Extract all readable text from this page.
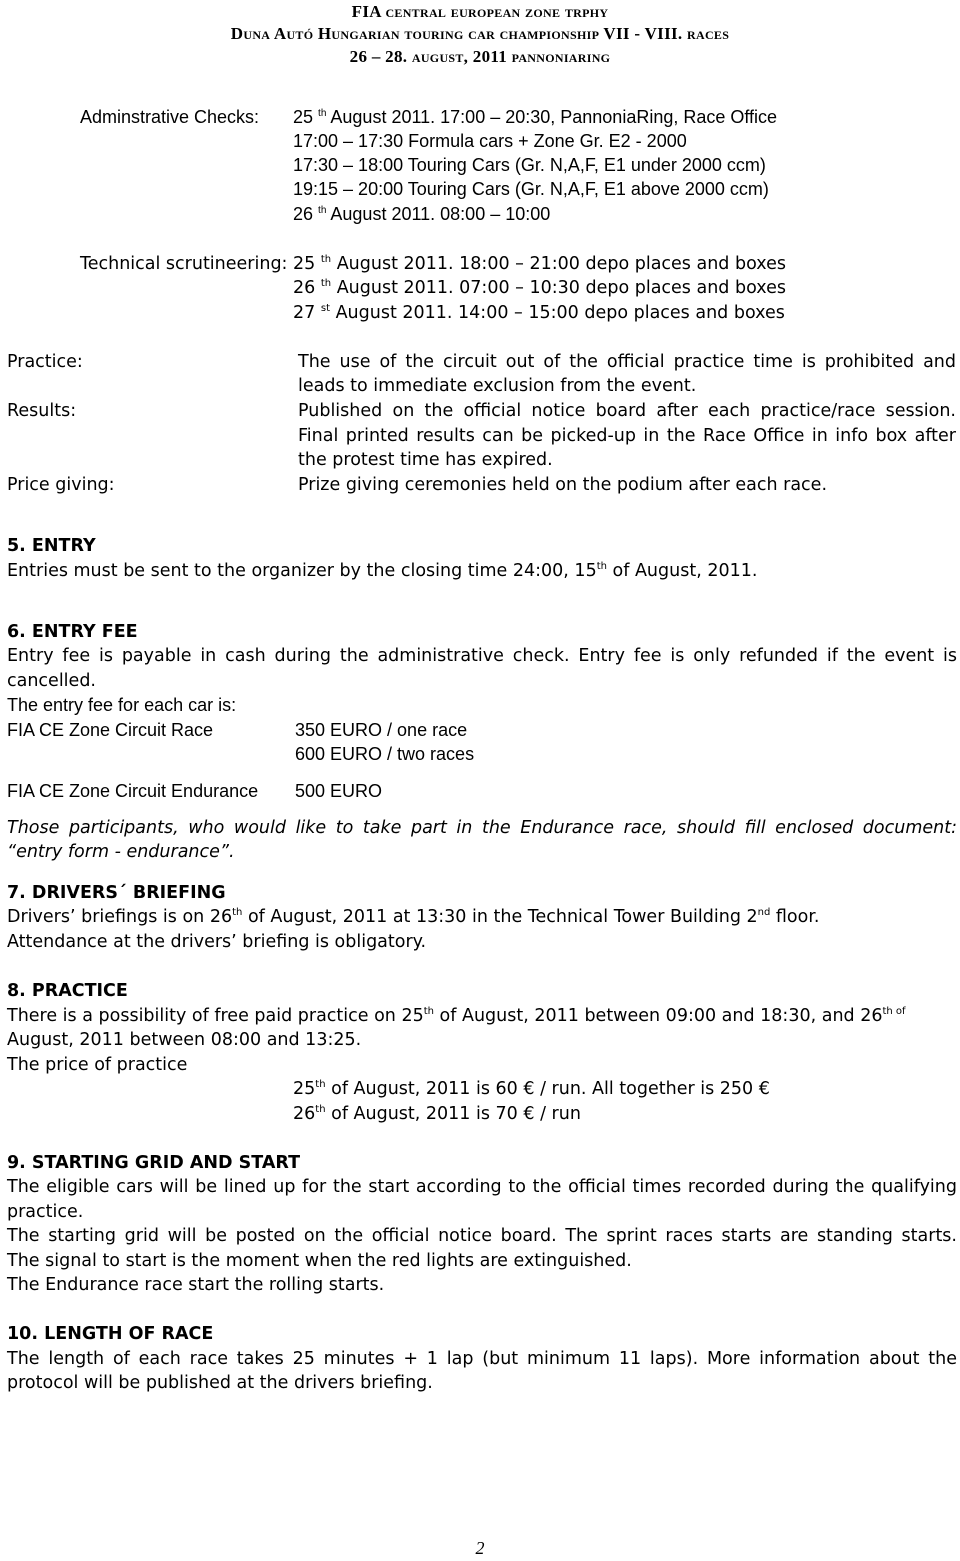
FIA central european zone trphy
Duna Autó Hungarian touring car championship VII - VIII. races
26 – 28. august, 2011 pannoniaring
Adminstrative Checks: 25 $^{th}$ August 2011. 17:00 – 20:30, PannoniaRing, Race Office
17:00 – 17:30 Formula cars + Zone Gr. E2 - 2000
17:30 – 18:00 Touring Cars (Gr. N,A,F, E1 under 2000 ccm)
19:15 – 20:00 Touring Cars (Gr. N,A,F, E1 above 2000 ccm)
26 $^{th}$ August 2011. 08:00 – 10:00
Technical scrutineering: 25 $^{th}$ August 2011. 18:00 – 21:00 depo places and boxes
26 $^{th}$ August 2011. 07:00 – 10:30 depo places and boxes
27 $^{st}$ August 2011. 14:00 – 15:00 depo places and boxes
Practice:	The use of the circuit out of the official practice time is prohibited and
leads to immediate exclusion from the event.
Results:	Published on the official notice board after each practice/race session.
Final printed results can be picked-up in the Race Office in info box after
the protest time has expired.
Price giving:	Prize giving ceremonies held on the podium after each race.
5. ENTRY
Entries must be sent to the organizer by the closing time 24:00, 15th of August, 2011.
6. ENTRY FEE
Entry fee is payable in cash during the administrative check. Entry fee is only refunded if the event is
cancelled.
The entry fee for each car is:
FIA CE Zone Circuit Race	350 EURO / one race
600 EURO / two races
FIA CE Zone Circuit Endurance 500 EURO
Those participants, who would like to take part in the Endurance race, should fill enclosed document:
“entry form - endurance”.
7. DRIVERS´ BRIEFING
Drivers’ briefings is on 26th of August, 2011 at 13:30 in the Technical Tower Building 2nd floor.
Attendance at the drivers’ briefing is obligatory.
8. PRACTICE
There is a possibility of free paid practice on 25th of August, 2011 between 09:00 and 18:30, and $26^{th of}$
August, 2011 between 08:00 and 13:25.
The price of practice
25th of August, 2011 is 60 € / run. All together is 250 €
26th of August, 2011 is 70 € / run
9. STARTING GRID AND START
The eligible cars will be lined up for the start according to the official times recorded during the qualifying
practice.
The starting grid will be posted on the official notice board. The sprint races starts are standing starts.
The signal to start is the moment when the red lights are extinguished.
The Endurance race start the rolling starts.
10. LENGTH OF RACE
The length of each race takes 25 minutes + 1 lap (but minimum 11 laps). More information about the
protocol will be published at the drivers briefing.
2
